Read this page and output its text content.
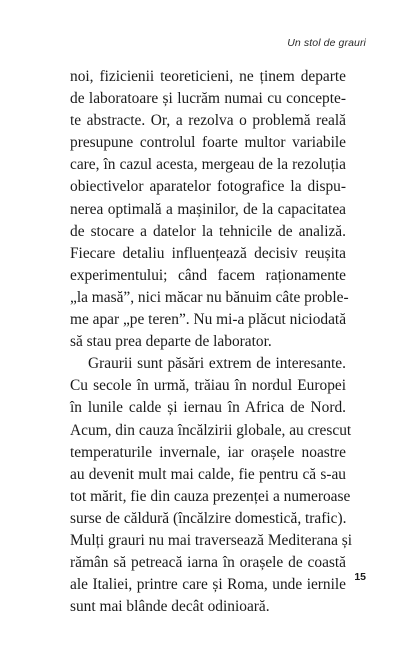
Un stol de grauri
noi, fizicienii teoreticieni, ne ținem departe
de laboratoare și lucrăm numai cu concepte-
te abstracte. Or, a rezolva o problemă reală
presupune controlul foarte multor variabile
care, în cazul acesta, mergeau de la rezoluția
obiectivelor aparatelor fotografice la dispu-
nerea optimală a mașinilor, de la capacitatea
de stocare a datelor la tehnicile de analiză.
Fiecare detaliu influențează decisiv reușita
experimentului; când facem raționamente
„la masă”, nici măcar nu bănuim câte proble-
me apar „pe teren”. Nu mi-a plăcut niciodată
să stau prea departe de laborator.
Graurii sunt păsări extrem de interesante.
Cu secole în urmă, trăiau în nordul Europei
în lunile calde și iernau în Africa de Nord.
Acum, din cauza încălzirii globale, au crescut
temperaturile invernale, iar orașele noastre
au devenit mult mai calde, fie pentru că s-au
tot mărit, fie din cauza prezenței a numeroase
surse de căldură (încălzire domestică, trafic).
Mulți grauri nu mai traversează Mediterana și
rămân să petreacă iarna în orașele de coastă
ale Italiei, printre care și Roma, unde iernile
sunt mai blânde decât odinioară.
15
